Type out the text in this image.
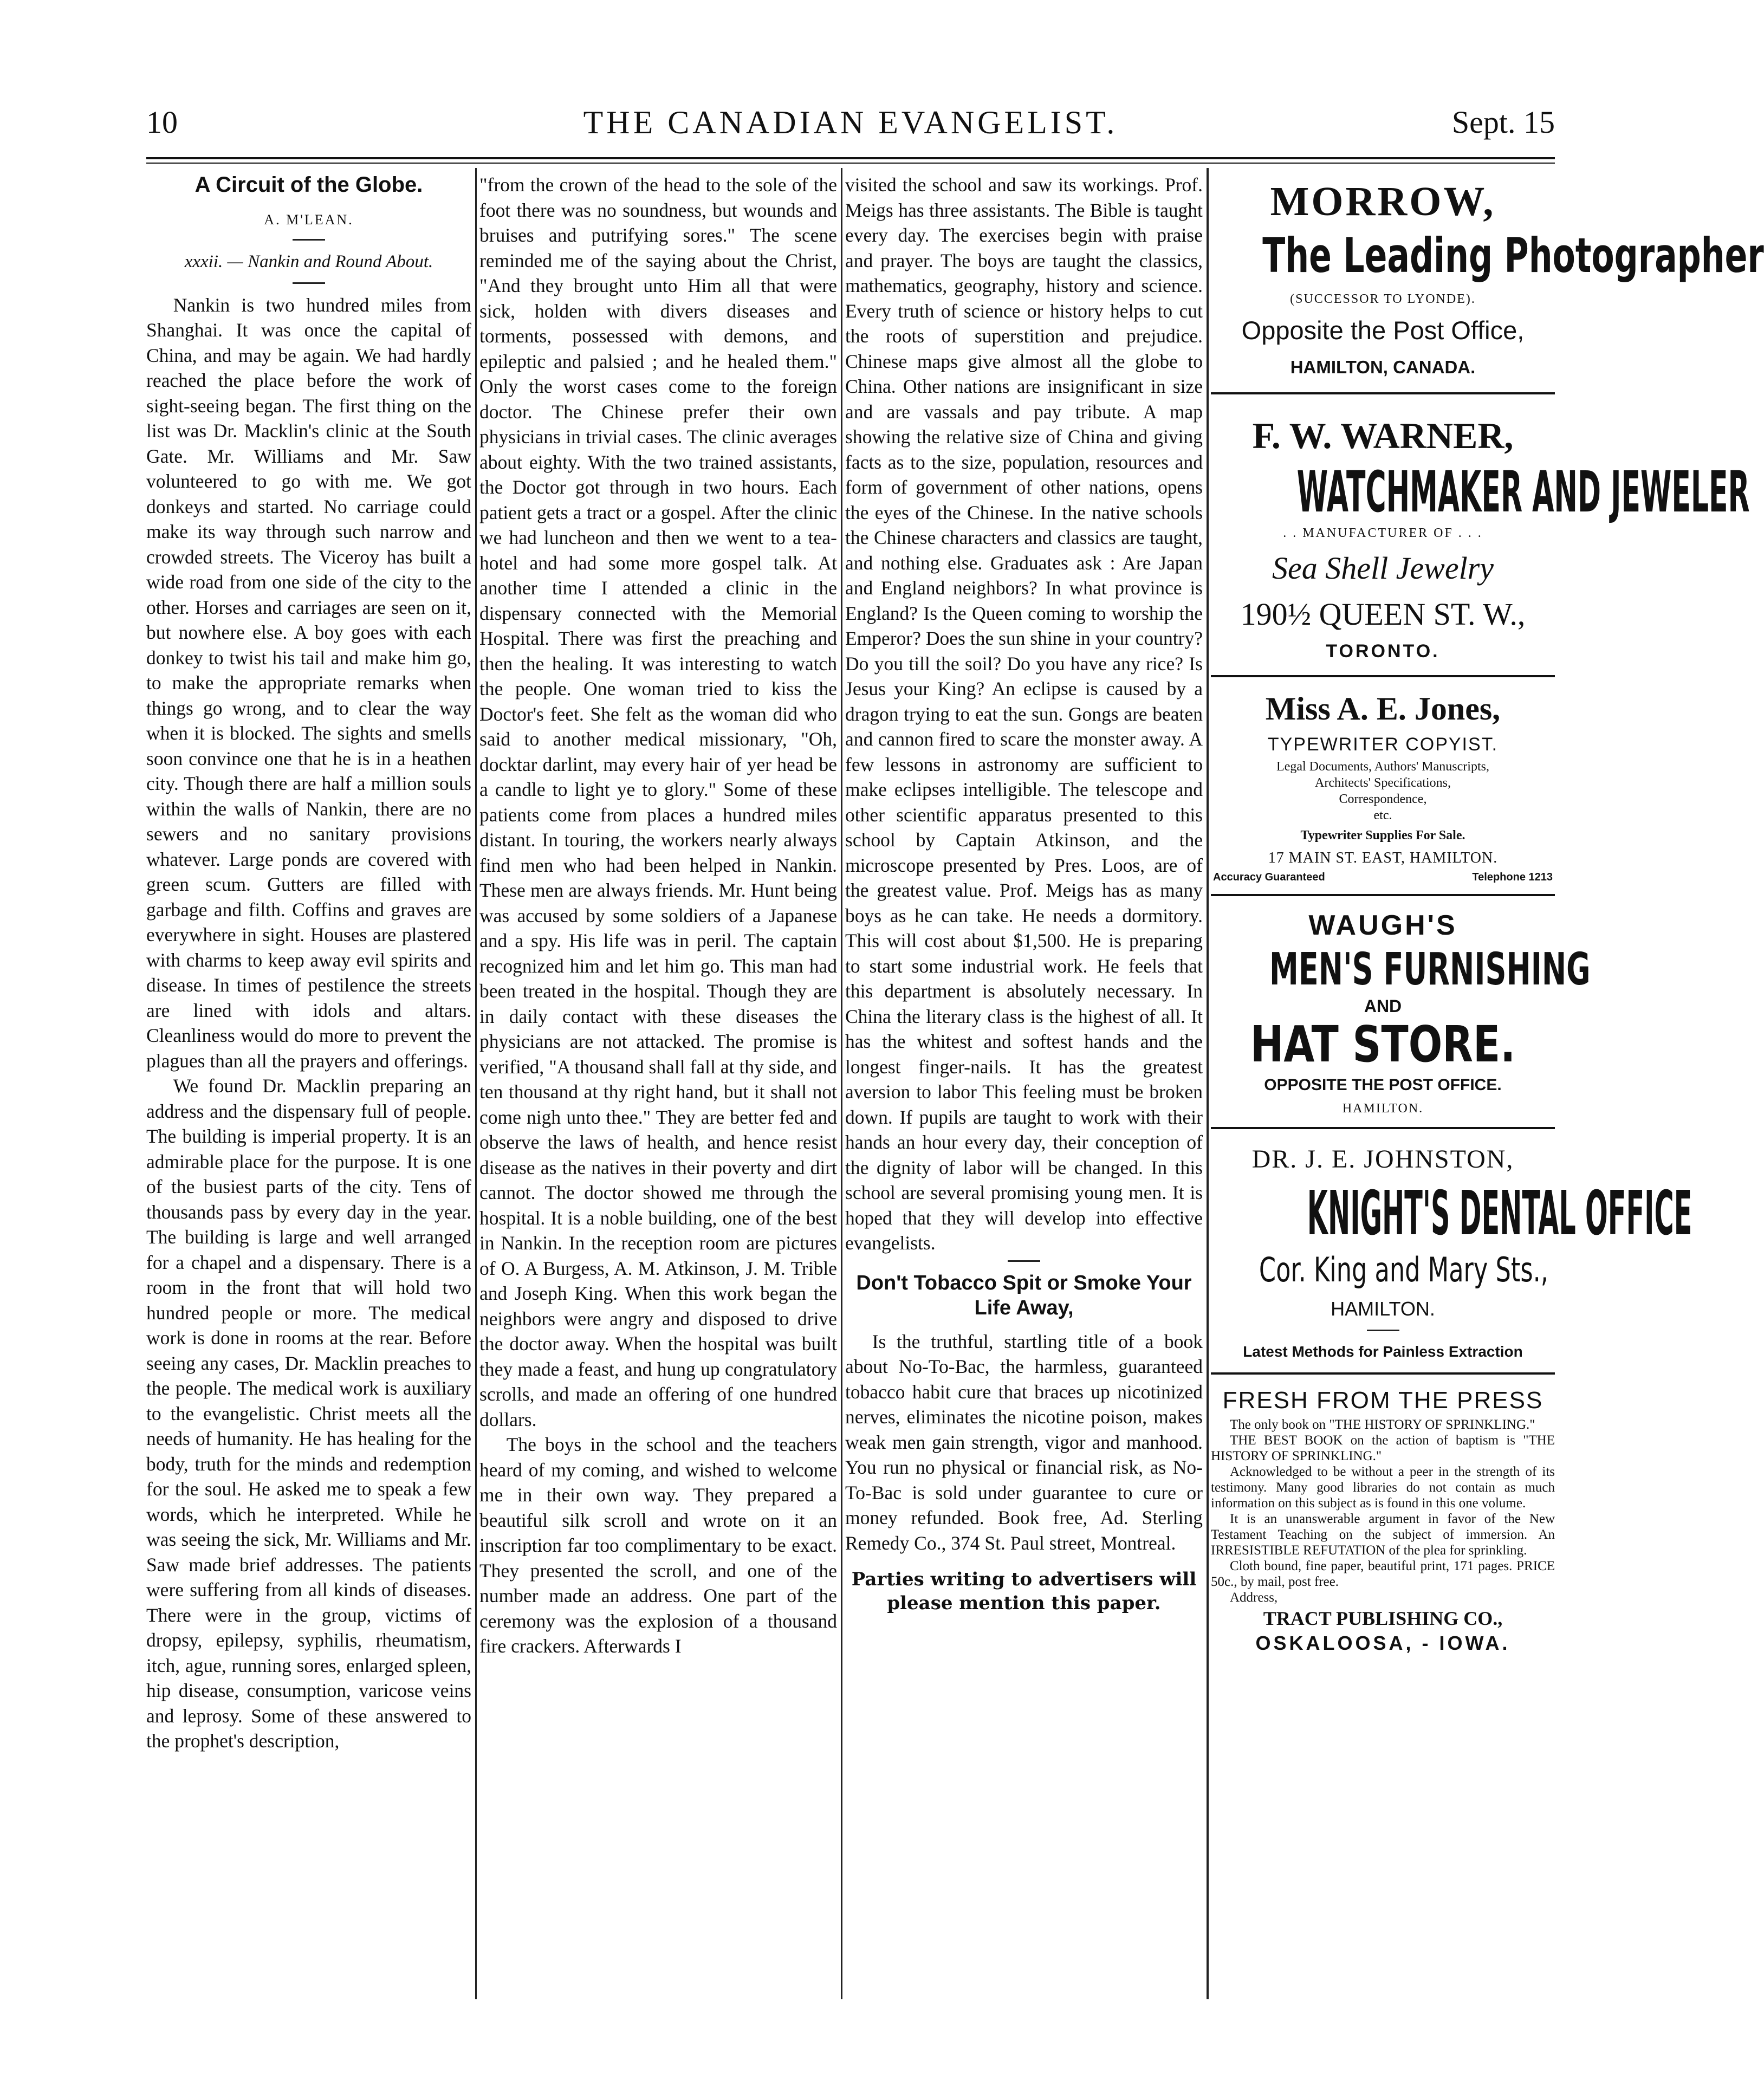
10	THE CANADIAN EVANGELIST.	Sept. 15
A Circuit of the Globe.
A. M'LEAN.
xxxii. — Nankin and Round About.

Nankin is two hundred miles from Shanghai. It was once the capital of China, and may be again. We had hardly reached the place before the work of sight-seeing began. The first thing on the list was Dr. Macklin's clinic at the South Gate. Mr. Williams and Mr. Saw volunteered to go with me. We got donkeys and started. No carriage could make its way through such narrow and crowded streets. The Viceroy has built a wide road from one side of the city to the other. Horses and carriages are seen on it, but nowhere else. A boy goes with each donkey to twist his tail and make him go, to make the appropriate remarks when things go wrong, and to clear the way when it is blocked. The sights and smells soon convince one that he is in a heathen city. Though there are half a million souls within the walls of Nankin, there are no sewers and no sanitary provisions whatever. Large ponds are covered with green scum. Gutters are filled with garbage and filth. Coffins and graves are everywhere in sight. Houses are plastered with charms to keep away evil spirits and disease. In times of pestilence the streets are lined with idols and altars. Cleanliness would do more to prevent the plagues than all the prayers and offerings.

We found Dr. Macklin preparing an address and the dispensary full of people. The building is imperial property. It is an admirable place for the purpose. It is one of the busiest parts of the city. Tens of thousands pass by every day in the year. The building is large and well arranged for a chapel and a dispensary. There is a room in the front that will hold two hundred people or more. The medical work is done in rooms at the rear. Before seeing any cases, Dr. Macklin preaches to the people. The medical work is auxiliary to the evangelistic. Christ meets all the needs of humanity. He has healing for the body, truth for the minds and redemption for the soul. He asked me to speak a few words, which he interpreted. While he was seeing the sick, Mr. Williams and Mr. Saw made brief addresses. The patients were suffering from all kinds of diseases. There were in the group, victims of dropsy, epilepsy, syphilis, rheumatism, itch, ague, running sores, enlarged spleen, hip disease, consumption, varicose veins and leprosy. Some of these answered to the prophet's description,

"from the crown of the head to the sole of the foot there was no soundness, but wounds and bruises and putrifying sores." The scene reminded me of the saying about the Christ, "And they brought unto Him all that were sick, holden with divers diseases and torments, possessed with demons, and epileptic and palsied ; and he healed them." Only the worst cases come to the foreign doctor. The Chinese prefer their own physicians in trivial cases. The clinic averages about eighty. With the two trained assistants, the Doctor got through in two hours. Each patient gets a tract or a gospel. After the clinic we had luncheon and then we went to a tea-hotel and had some more gospel talk. At another time I attended a clinic in the dispensary connected with the Memorial Hospital. There was first the preaching and then the healing. It was interesting to watch the people. One woman tried to kiss the Doctor's feet. She felt as the woman did who said to another medical missionary, "Oh, docktar darlint, may every hair of yer head be a candle to light ye to glory." Some of these patients come from places a hundred miles distant. In touring, the workers nearly always find men who had been helped in Nankin. These men are always friends. Mr. Hunt being was accused by some soldiers of a Japanese and a spy. His life was in peril. The captain recognized him and let him go. This man had been treated in the hospital. Though they are in daily contact with these diseases the physicians are not attacked. The promise is verified, "A thousand shall fall at thy side, and ten thousand at thy right hand, but it shall not come nigh unto thee." They are better fed and observe the laws of health, and hence resist disease as the natives in their poverty and dirt cannot. The doctor showed me through the hospital. It is a noble building, one of the best in Nankin. In the reception room are pictures of O. A Burgess, A. M. Atkinson, J. M. Trible and Joseph King. When this work began the neighbors were angry and disposed to drive the doctor away. When the hospital was built they made a feast, and hung up congratulatory scrolls, and made an offering of one hundred dollars.

The boys in the school and the teachers heard of my coming, and wished to welcome me in their own way. They prepared a beautiful silk scroll and wrote on it an inscription far too complimentary to be exact. They presented the scroll, and one of the number made an address. One part of the ceremony was the explosion of a thousand fire crackers. Afterwards I

visited the school and saw its workings. Prof. Meigs has three assistants. The Bible is taught every day. The exercises begin with praise and prayer. The boys are taught the classics, mathematics, geography, history and science. Every truth of science or history helps to cut the roots of superstition and prejudice. Chinese maps give almost all the globe to China. Other nations are insignificant in size and are vassals and pay tribute. A map showing the relative size of China and giving facts as to the size, population, resources and form of government of other nations, opens the eyes of the Chinese. In the native schools the Chinese characters and classics are taught, and nothing else. Graduates ask : Are Japan and England neighbors? In what province is England? Is the Queen coming to worship the Emperor? Does the sun shine in your country? Do you till the soil? Do you have any rice? Is Jesus your King? An eclipse is caused by a dragon trying to eat the sun. Gongs are beaten and cannon fired to scare the monster away. A few lessons in astronomy are sufficient to make eclipses intelligible. The telescope and other scientific apparatus presented to this school by Captain Atkinson, and the microscope presented by Pres. Loos, are of the greatest value. Prof. Meigs has as many boys as he can take. He needs a dormitory. This will cost about $1,500. He is preparing to start some industrial work. He feels that this department is absolutely necessary. In China the literary class is the highest of all. It has the whitest and softest hands and the longest finger-nails. It has the greatest aversion to labor This feeling must be broken down. If pupils are taught to work with their hands an hour every day, their conception of the dignity of labor will be changed. In this school are several promising young men. It is hoped that they will develop into effective evangelists.

Don't Tobacco Spit or Smoke Your Life Away,

Is the truthful, startling title of a book about No-To-Bac, the harmless, guaranteed tobacco habit cure that braces up nicotinized nerves, eliminates the nicotine poison, makes weak men gain strength, vigor and manhood. You run no physical or financial risk, as No-To-Bac is sold under guarantee to cure or money refunded. Book free, Ad. Sterling Remedy Co., 374 St. Paul street, Montreal.

Parties writing to advertisers will please mention this paper.
MORROW,
The Leading Photographer
(SUCCESSOR TO LYONDE).
Opposite the Post Office,
HAMILTON, CANADA.
F. W. WARNER,
WATCHMAKER AND JEWELER
. . MANUFACTURER OF . . .
Sea Shell Jewelry
190½ QUEEN ST. W.,
TORONTO.
Miss A. E. Jones,
TYPEWRITER COPYIST.
Legal Documents, Authors' Manuscripts,
Architects' Specifications,
Correspondence,
etc.
Typewriter Supplies For Sale.
17 MAIN ST. EAST, HAMILTON.
Accuracy Guaranteed	Telephone 1213
WAUGH'S
MEN'S FURNISHING
AND
HAT STORE.
OPPOSITE THE POST OFFICE.
HAMILTON.
DR. J. E. JOHNSTON,
KNIGHT'S DENTAL OFFICE
Cor. King and Mary Sts.,
HAMILTON.
Latest Methods for Painless Extraction
FRESH FROM THE PRESS

The only book on "THE HISTORY OF SPRINKLING."

THE BEST BOOK on the action of baptism is "THE HISTORY OF SPRINKLING."

Acknowledged to be without a peer in the strength of its testimony. Many good libraries do not contain as much information on this subject as is found in this one volume.

It is an unanswerable argument in favor of the New Testament Teaching on the subject of immersion. An IRRESISTIBLE REFUTATION of the plea for sprinkling.

Cloth bound, fine paper, beautiful print, 171 pages. PRICE 50c., by mail, post free.

Address,

TRACT PUBLISHING CO.,
OSKALOOSA, - IOWA.
